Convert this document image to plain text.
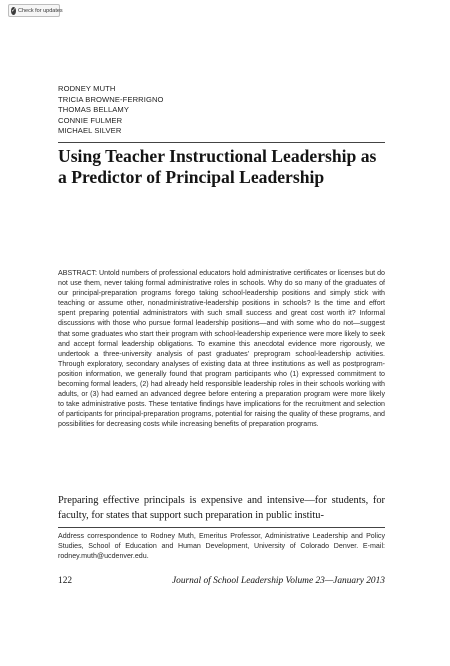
✓ Check for updates
RODNEY MUTH
TRICIA BROWNE-FERRIGNO
THOMAS BELLAMY
CONNIE FULMER
MICHAEL SILVER
Using Teacher Instructional Leadership as a Predictor of Principal Leadership

ABSTRACT: Untold numbers of professional educators hold administrative certificates or licenses but do not use them, never taking formal administrative roles in schools. Why do so many of the graduates of our principal-preparation programs forego taking school-leadership positions and simply stick with teaching or assume other, nonadministrative-leadership positions in schools? Is the time and effort spent preparing potential administrators with such small success and great cost worth it? Informal discussions with those who pursue formal leadership positions—and with some who do not—suggest that some graduates who start their program with school-leadership experience were more likely to seek and accept formal leadership obligations. To examine this anecdotal evidence more rigorously, we undertook a three-university analysis of past graduates' preprogram school-leadership activities. Through exploratory, secondary analyses of existing data at three institutions as well as postprogram-position information, we generally found that program participants who (1) expressed commitment to becoming formal leaders, (2) had already held responsible leadership roles in their schools working with adults, or (3) had earned an advanced degree before entering a preparation program were more likely to take administrative posts. These tentative findings have implications for the recruitment and selection of participants for principal-preparation programs, potential for raising the quality of these programs, and possibilities for decreasing costs while increasing benefits of preparation programs.

Preparing effective principals is expensive and intensive—for students, for faculty, for states that support such preparation in public institu-

Address correspondence to Rodney Muth, Emeritus Professor, Administrative Leadership and Policy Studies, School of Education and Human Development, University of Colorado Denver. E-mail: rodney.muth@ucdenver.edu.

122	Journal of School Leadership Volume 23—January 2013
